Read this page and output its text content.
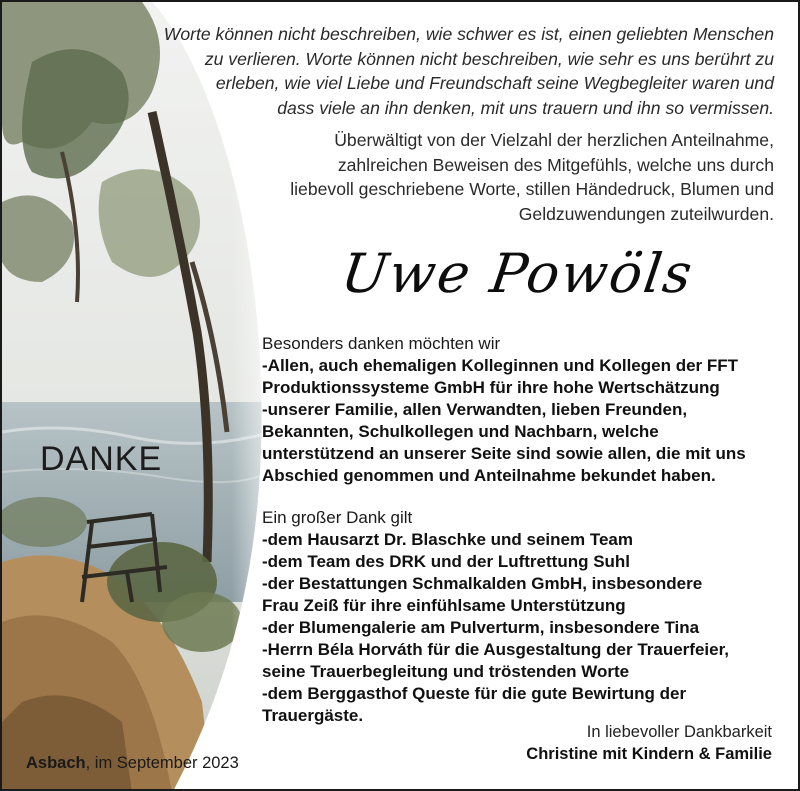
DANKE
Worte können nicht beschreiben, wie schwer es ist, einen geliebten Menschen
zu verlieren. Worte können nicht beschreiben, wie sehr es uns berührt zu
erleben, wie viel Liebe und Freundschaft seine Wegbegleiter waren und
dass viele an ihn denken, mit uns trauern und ihn so vermissen.
Überwältigt von der Vielzahl der herzlichen Anteilnahme,
zahlreichen Beweisen des Mitgefühls, welche uns durch
liebevoll geschriebene Worte, stillen Händedruck, Blumen und
Geldzuwendungen zuteilwurden.
Uwe Powöls
Besonders danken möchten wir
-Allen, auch ehemaligen Kolleginnen und Kollegen der FFT
Produktionssysteme GmbH für ihre hohe Wertschätzung
-unserer Familie, allen Verwandten, lieben Freunden,
Bekannten, Schulkollegen und Nachbarn, welche
unterstützend an unserer Seite sind sowie allen, die mit uns
Abschied genommen und Anteilnahme bekundet haben.
Ein großer Dank gilt
-dem Hausarzt Dr. Blaschke und seinem Team
-dem Team des DRK und der Luftrettung Suhl
-der Bestattungen Schmalkalden GmbH, insbesondere
Frau Zeiß für ihre einfühlsame Unterstützung
-der Blumengalerie am Pulverturm, insbesondere Tina
-Herrn Béla Horváth für die Ausgestaltung der Trauerfeier,
seine Trauerbegleitung und tröstenden Worte
-dem Berggasthof Queste für die gute Bewirtung der
Trauergäste.
In liebevoller Dankbarkeit
Christine mit Kindern & Familie
Asbach, im September 2023
